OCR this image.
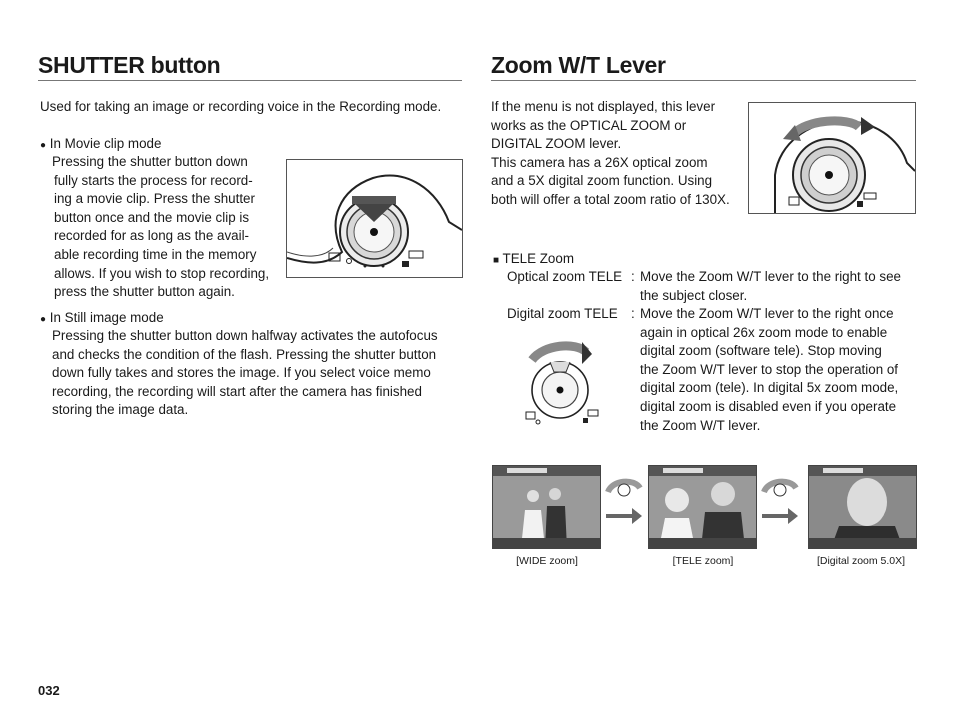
SHUTTER button
Used for taking an image or recording voice in the Recording mode.
● In Movie clip mode
Pressing the shutter button down
fully starts the process for record-
ing a movie clip. Press the shutter
button once and the movie clip is
recorded for as long as the avail-
able recording time in the memory
allows. If you wish to stop recording,
press the shutter button again.
● In Still image mode
Pressing the shutter button down halfway activates the autofocus
and checks the condition of the flash. Pressing the shutter button
down fully takes and stores the image. If you select voice memo
recording, the recording will start after the camera has finished
storing the image data.
Zoom W/T Lever
If the menu is not displayed, this lever
works as the OPTICAL ZOOM or
DIGITAL ZOOM lever.
This camera has a 26X optical zoom
and a 5X digital zoom function. Using
both will offer a total zoom ratio of 130X.
■ TELE Zoom
Optical zoom TELE : Move the Zoom W/T lever to the right to see
the subject closer.
Digital zoom TELE : Move the Zoom W/T lever to the right once
again in optical 26x zoom mode to enable
digital zoom (software tele). Stop moving
the Zoom W/T lever to stop the operation of
digital zoom (tele). In digital 5x zoom mode,
digital zoom is disabled even if you operate
the Zoom W/T lever.
[WIDE zoom]	[TELE zoom]	[Digital zoom 5.0X]
032
